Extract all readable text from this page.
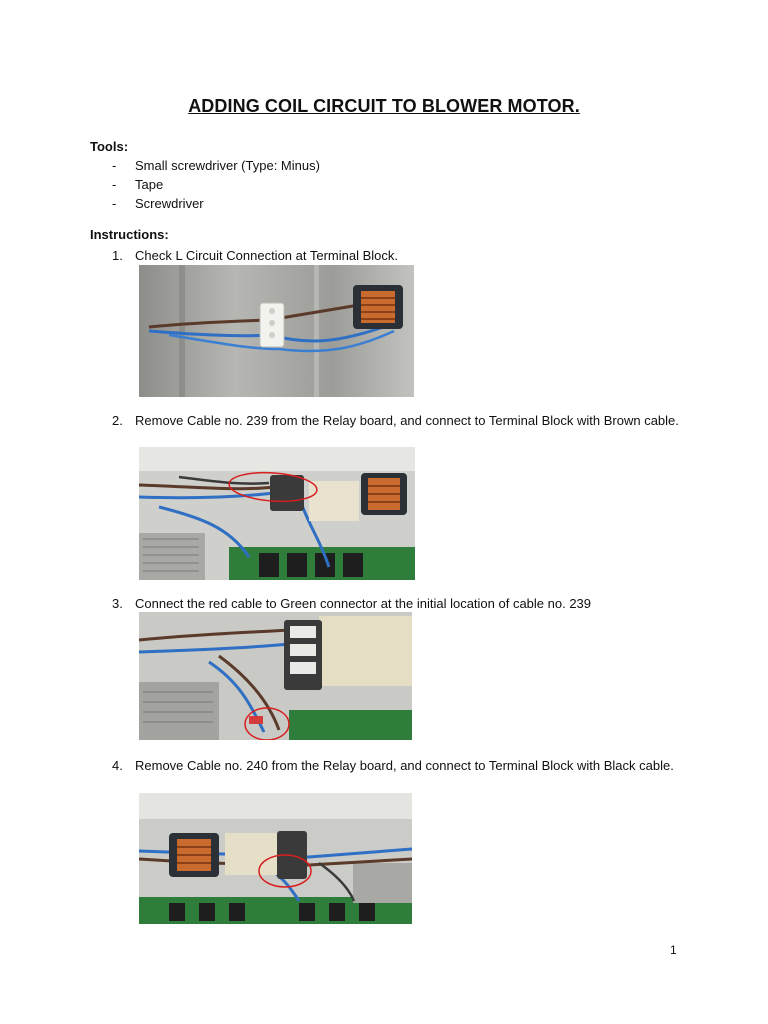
ADDING COIL CIRCUIT TO BLOWER MOTOR.
Tools:
- Small screwdriver (Type: Minus)
- Tape
- Screwdriver
Instructions:
1. Check L Circuit Connection at Terminal Block.
2. Remove Cable no. 239 from the Relay board, and connect to Terminal Block with Brown cable.
3. Connect the red cable to Green connector at the initial location of cable no. 239
4. Remove Cable no. 240 from the Relay board, and connect to Terminal Block with Black cable.
1
